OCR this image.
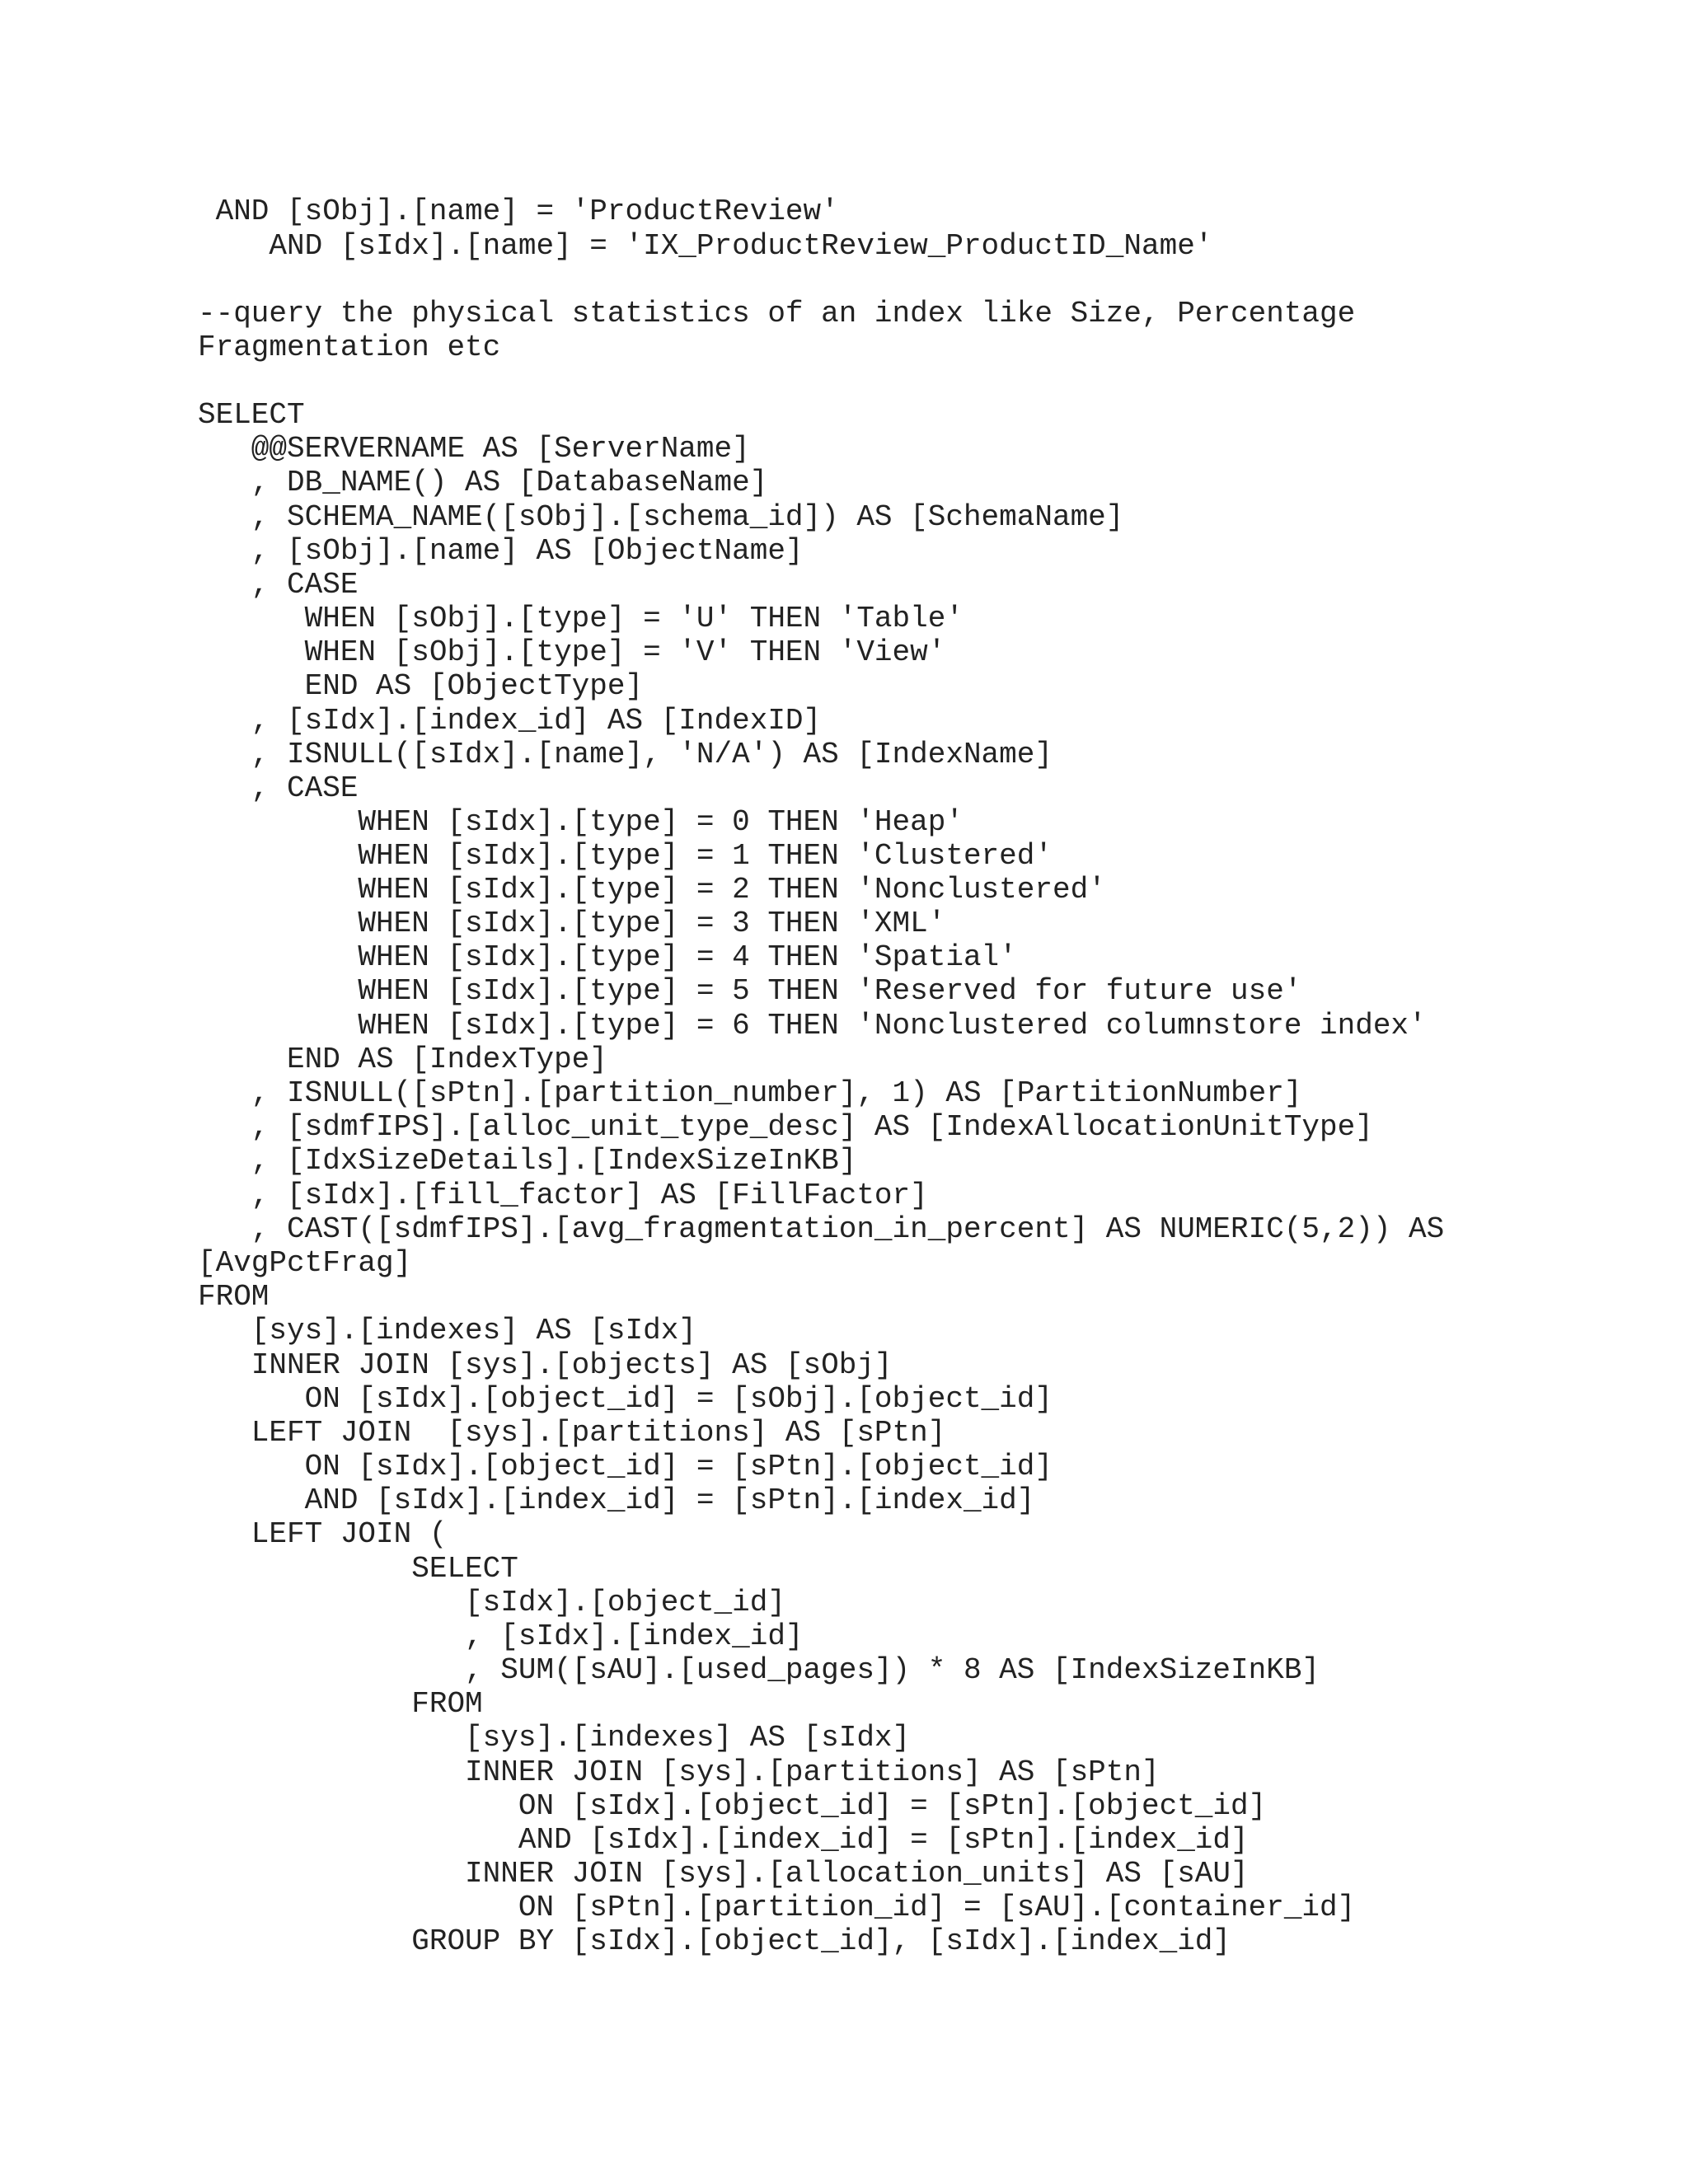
AND [sObj].[name] = 'ProductReview'
AND [sIdx].[name] = 'IX_ProductReview_ProductID_Name'
--query the physical statistics of an index like Size, Percentage
Fragmentation etc
SELECT
@@SERVERNAME AS [ServerName]
, DB_NAME() AS [DatabaseName]
, SCHEMA_NAME([sObj].[schema_id]) AS [SchemaName]
, [sObj].[name] AS [ObjectName]
, CASE
WHEN [sObj].[type] = 'U' THEN 'Table'
WHEN [sObj].[type] = 'V' THEN 'View'
END AS [ObjectType]
, [sIdx].[index_id] AS [IndexID]
, ISNULL([sIdx].[name], 'N/A') AS [IndexName]
, CASE
WHEN [sIdx].[type] = 0 THEN 'Heap'
WHEN [sIdx].[type] = 1 THEN 'Clustered'
WHEN [sIdx].[type] = 2 THEN 'Nonclustered'
WHEN [sIdx].[type] = 3 THEN 'XML'
WHEN [sIdx].[type] = 4 THEN 'Spatial'
WHEN [sIdx].[type] = 5 THEN 'Reserved for future use'
WHEN [sIdx].[type] = 6 THEN 'Nonclustered columnstore index'
END AS [IndexType]
, ISNULL([sPtn].[partition_number], 1) AS [PartitionNumber]
, [sdmfIPS].[alloc_unit_type_desc] AS [IndexAllocationUnitType]
, [IdxSizeDetails].[IndexSizeInKB]
, [sIdx].[fill_factor] AS [FillFactor]
, CAST([sdmfIPS].[avg_fragmentation_in_percent] AS NUMERIC(5,2)) AS
[AvgPctFrag]
FROM
[sys].[indexes] AS [sIdx]
INNER JOIN [sys].[objects] AS [sObj]
ON [sIdx].[object_id] = [sObj].[object_id]
LEFT JOIN  [sys].[partitions] AS [sPtn]
ON [sIdx].[object_id] = [sPtn].[object_id]
AND [sIdx].[index_id] = [sPtn].[index_id]
LEFT JOIN (
SELECT
[sIdx].[object_id]
, [sIdx].[index_id]
, SUM([sAU].[used_pages]) * 8 AS [IndexSizeInKB]
FROM
[sys].[indexes] AS [sIdx]
INNER JOIN [sys].[partitions] AS [sPtn]
ON [sIdx].[object_id] = [sPtn].[object_id]
AND [sIdx].[index_id] = [sPtn].[index_id]
INNER JOIN [sys].[allocation_units] AS [sAU]
ON [sPtn].[partition_id] = [sAU].[container_id]
GROUP BY [sIdx].[object_id], [sIdx].[index_id]
